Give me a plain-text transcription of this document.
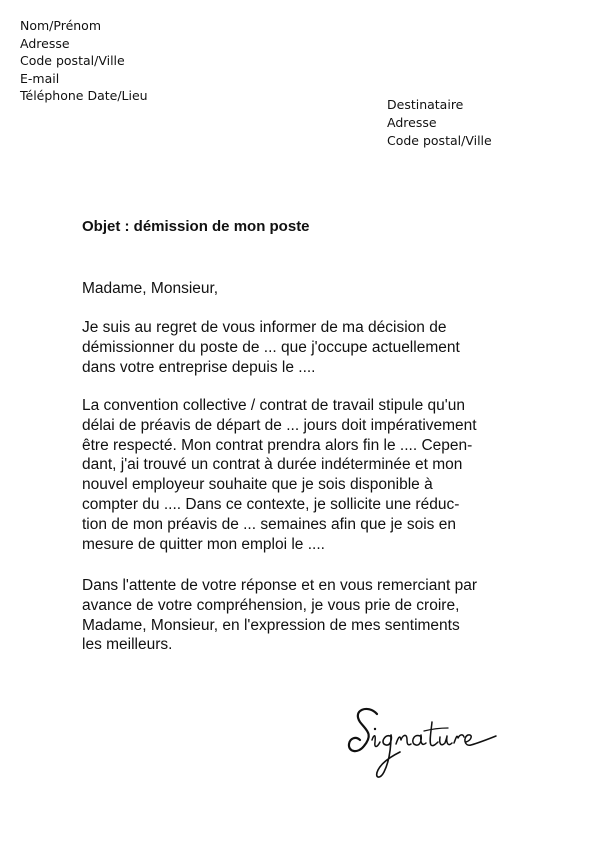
Nom/Prénom
Adresse
Code postal/Ville
E-mail
Téléphone Date/Lieu
Destinataire
Adresse
Code postal/Ville
Objet : démission de mon poste
Madame, Monsieur,
Je suis au regret de vous informer de ma décision de
démissionner du poste de ... que j'occupe actuellement
dans votre entreprise depuis le ....
La convention collective / contrat de travail stipule qu'un
délai de préavis de départ de ... jours doit impérativement
être respecté. Mon contrat prendra alors fin le .... Cepen-
dant, j'ai trouvé un contrat à durée indéterminée et mon
nouvel employeur souhaite que je sois disponible à
compter du .... Dans ce contexte, je sollicite une réduc-
tion de mon préavis de ... semaines afin que je sois en
mesure de quitter mon emploi le ....
Dans l'attente de votre réponse et en vous remerciant par
avance de votre compréhension, je vous prie de croire,
Madame, Monsieur, en l'expression de mes sentiments
les meilleurs.
